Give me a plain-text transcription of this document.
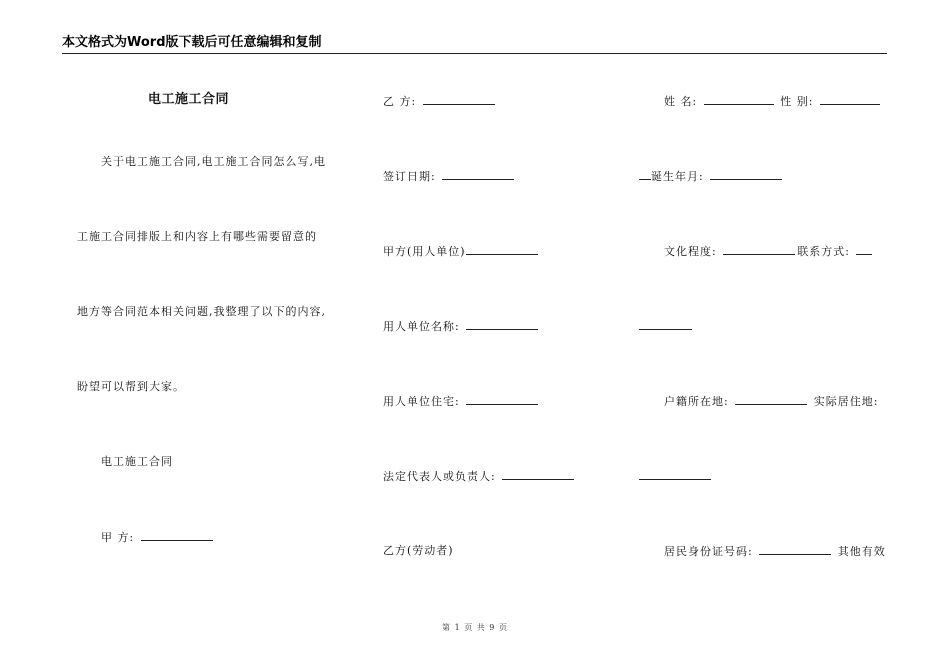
本文格式为Word版下载后可任意编辑和复制
电工施工合同
关于电工施工合同,电工施工合同怎么写,电
工施工合同排版上和内容上有哪些需要留意的
地方等合同范本相关问题,我整理了以下的内容,
盼望可以帮到大家。
电工施工合同
甲 方:
乙 方:
签订日期:
甲方(用人单位)
用人单位名称:
用人单位住宅:
法定代表人或负责人:
乙方(劳动者)
姓 名:	性 别:
诞生年月:
文化程度:	联系方式:
户籍所在地:	实际居住地:
居民身份证号码:	其他有效
第 1 页 共 9 页
